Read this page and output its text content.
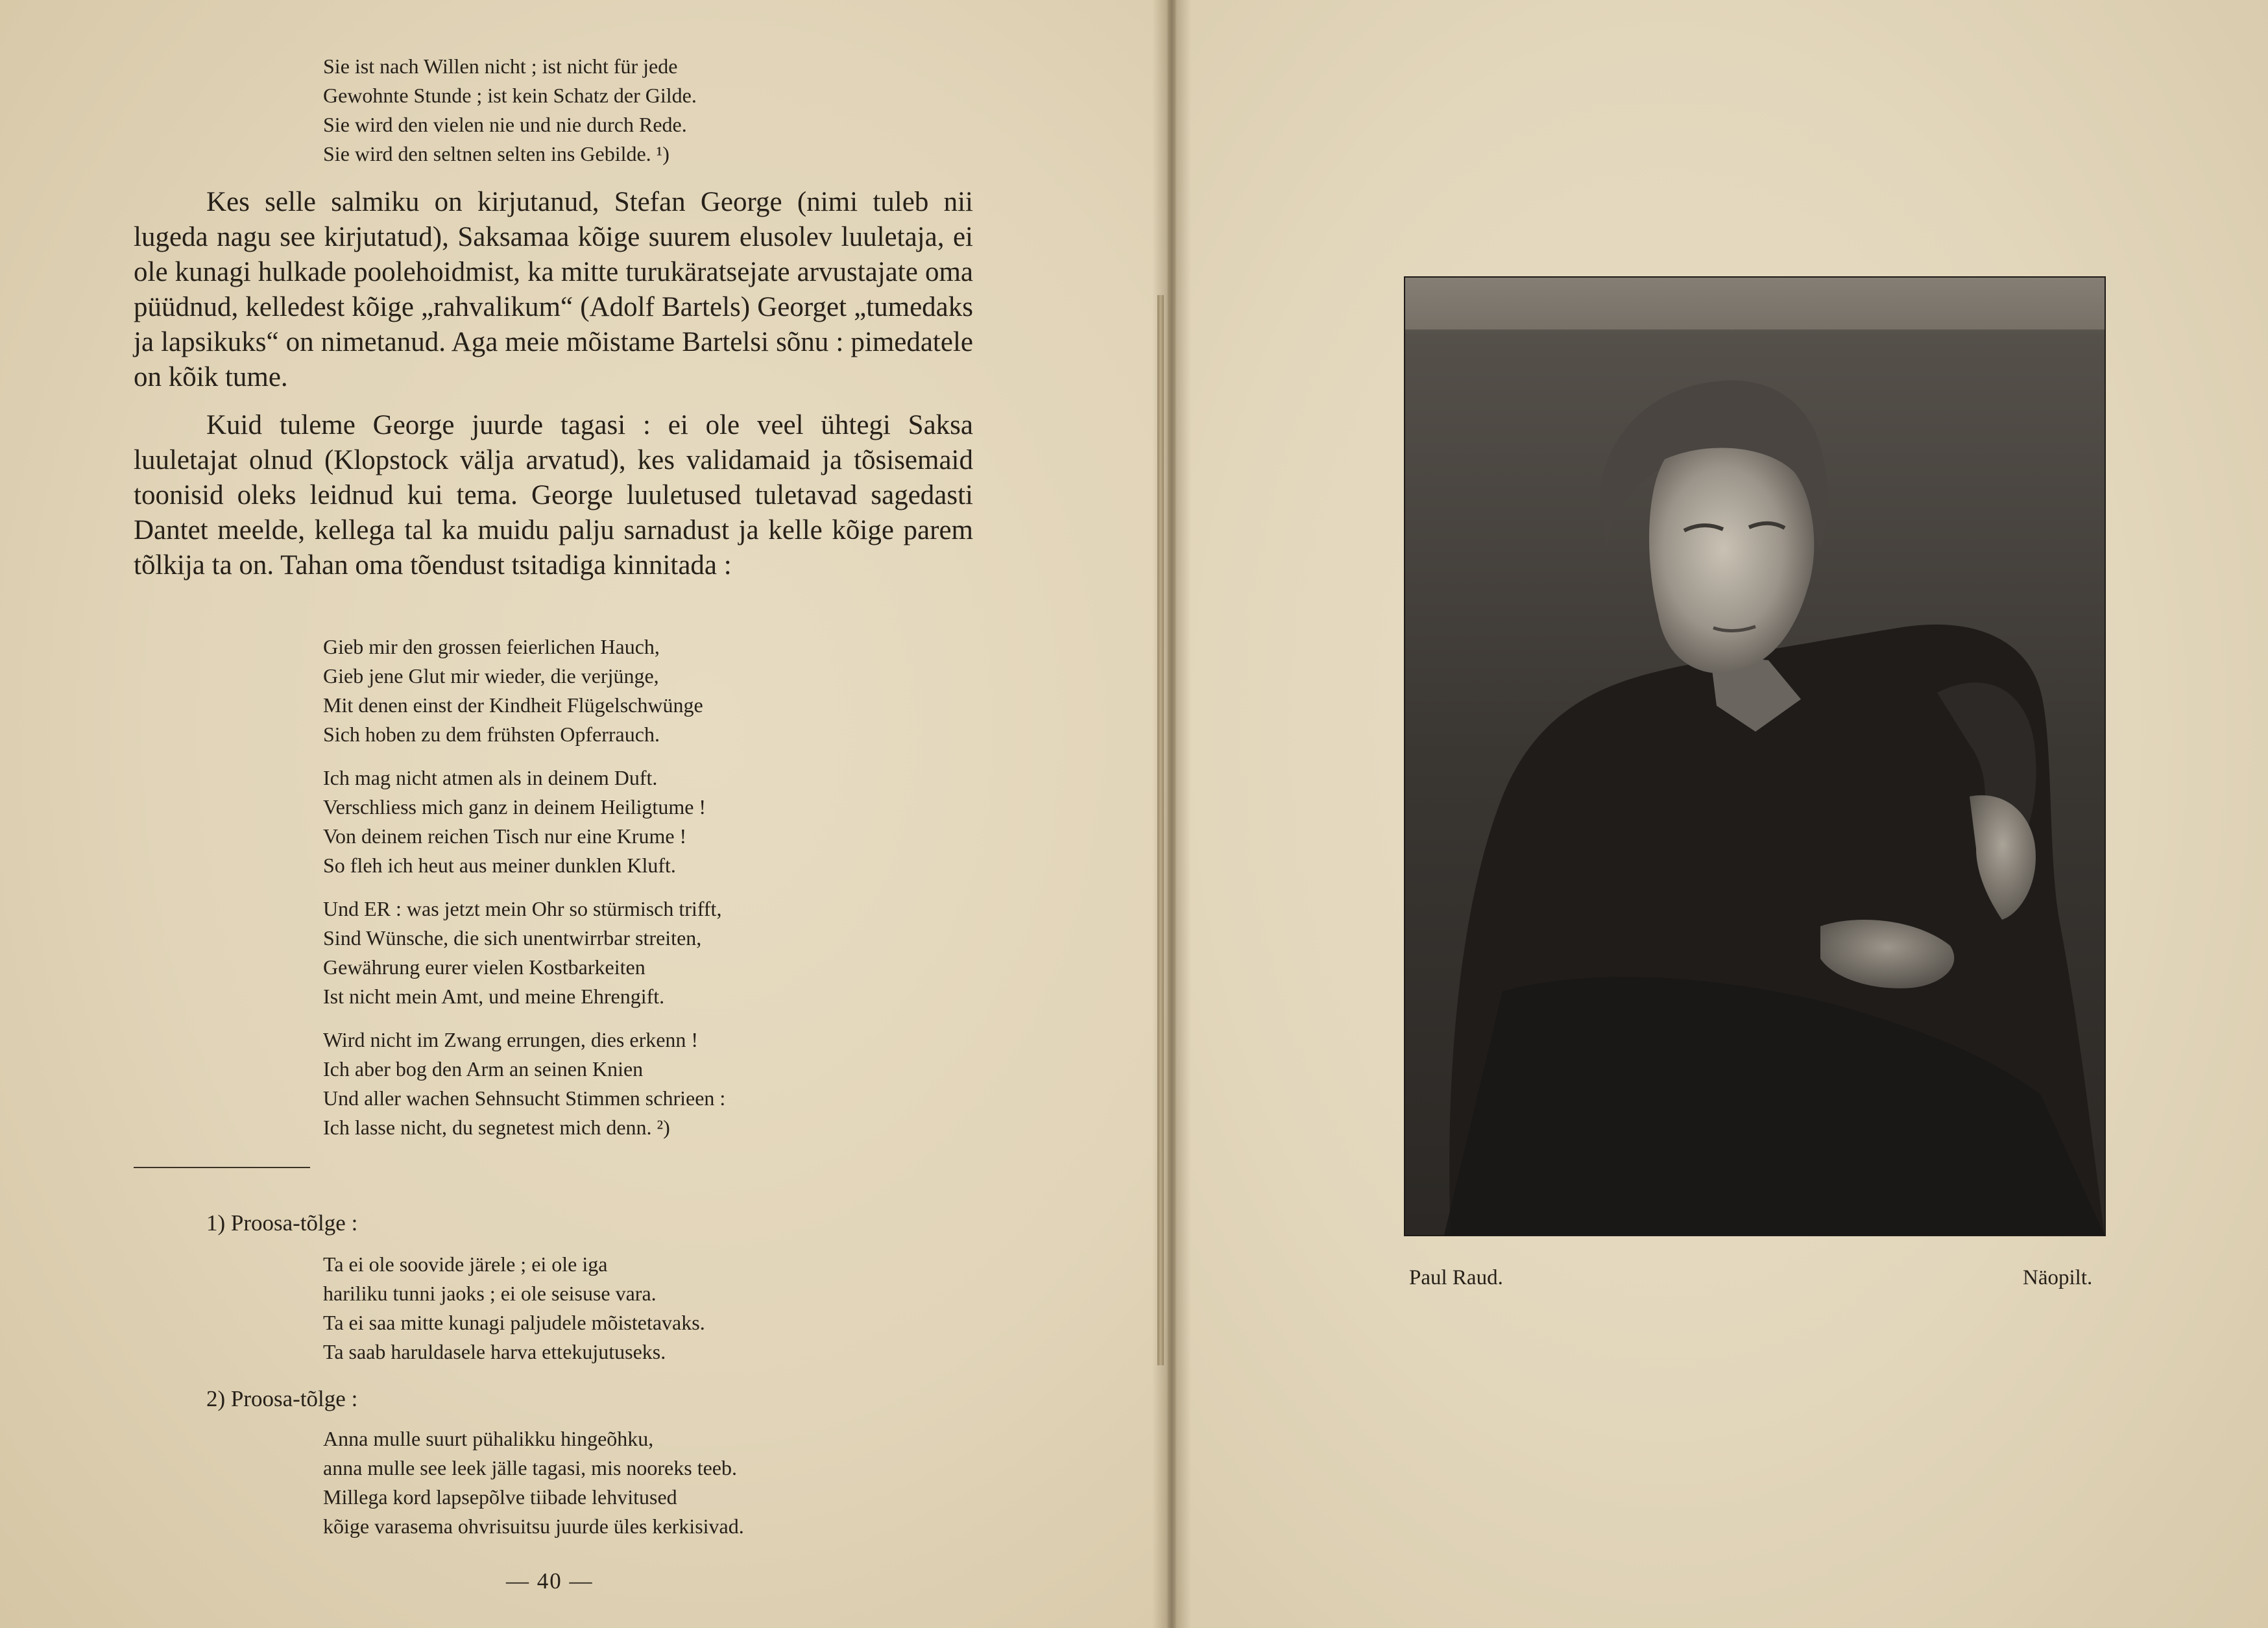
Sie ist nach Willen nicht ; ist nicht für jede
Gewohnte Stunde ; ist kein Schatz der Gilde.
Sie wird den vielen nie und nie durch Rede.
Sie wird den seltnen selten ins Gebilde. ¹)

Kes selle salmiku on kirjutanud, Stefan George (nimi tuleb nii lugeda nagu see kirjutatud), Saksamaa kõige suurem elusolev luuletaja, ei ole kunagi hulkade poolehoidmist, ka mitte turukäratsejate arvustajate oma püüdnud, kelledest kõige „rahvalikum“ (Adolf Bartels) Georget „tumedaks ja lapsikuks“ on nimetanud. Aga meie mõistame Bartelsi sõnu : pimedatele on kõik tume.

Kuid tuleme George juurde tagasi : ei ole veel ühtegi Saksa luuletajat olnud (Klopstock välja arvatud), kes validamaid ja tõsisemaid toonisid oleks leidnud kui tema. George luuletused tuletavad sagedasti Dantet meelde, kellega tal ka muidu palju sarnadust ja kelle kõige parem tõlkija ta on. Tahan oma tõendust tsitadiga kinnitada :

Gieb mir den grossen feierlichen Hauch,
Gieb jene Glut mir wieder, die verjünge,
Mit denen einst der Kindheit Flügelschwünge
Sich hoben zu dem frühsten Opferrauch.
Ich mag nicht atmen als in deinem Duft.
Verschliess mich ganz in deinem Heiligtume !
Von deinem reichen Tisch nur eine Krume !
So fleh ich heut aus meiner dunklen Kluft.
Und ER : was jetzt mein Ohr so stürmisch trifft,
Sind Wünsche, die sich unentwirrbar streiten,
Gewährung eurer vielen Kostbarkeiten
Ist nicht mein Amt, und meine Ehrengift.
Wird nicht im Zwang errungen, dies erkenn !
Ich aber bog den Arm an seinen Knien
Und aller wachen Sehnsucht Stimmen schrieen :
Ich lasse nicht, du segnetest mich denn. ²)
1) Proosa-tõlge :
Ta ei ole soovide järele ; ei ole iga
hariliku tunni jaoks ; ei ole seisuse vara.
Ta ei saa mitte kunagi paljudele mõistetavaks.
Ta saab haruldasele harva ettekujutuseks.
2) Proosa-tõlge :
Anna mulle suurt pühalikku hingeõhku,
anna mulle see leek jälle tagasi, mis nooreks teeb.
Millega kord lapsepõlve tiibade lehvitused
kõige varasema ohvrisuitsu juurde üles kerkisivad.
— 40 —
Paul Raud.	Näopilt.
